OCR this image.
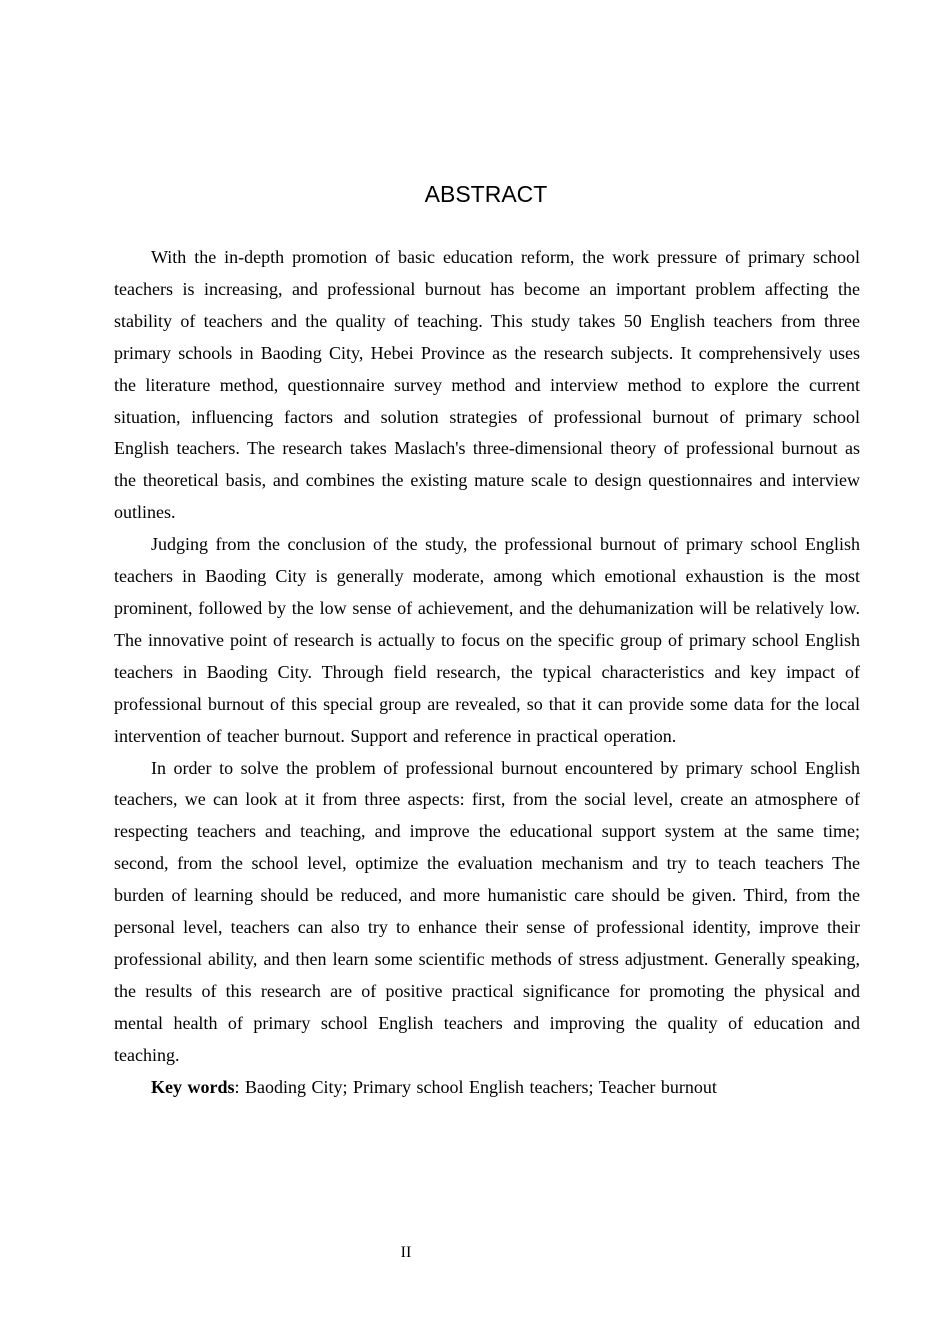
ABSTRACT

With the in-depth promotion of basic education reform, the work pressure of primary school teachers is increasing, and professional burnout has become an important problem affecting the stability of teachers and the quality of teaching. This study takes 50 English teachers from three primary schools in Baoding City, Hebei Province as the research subjects. It comprehensively uses the literature method, questionnaire survey method and interview method to explore the current situation, influencing factors and solution strategies of professional burnout of primary school English teachers. The research takes Maslach's three-dimensional theory of professional burnout as the theoretical basis, and combines the existing mature scale to design questionnaires and interview outlines.

Judging from the conclusion of the study, the professional burnout of primary school English teachers in Baoding City is generally moderate, among which emotional exhaustion is the most prominent, followed by the low sense of achievement, and the dehumanization will be relatively low. The innovative point of research is actually to focus on the specific group of primary school English teachers in Baoding City. Through field research, the typical characteristics and key impact of professional burnout of this special group are revealed, so that it can provide some data for the local intervention of teacher burnout. Support and reference in practical operation.

In order to solve the problem of professional burnout encountered by primary school English teachers, we can look at it from three aspects: first, from the social level, create an atmosphere of respecting teachers and teaching, and improve the educational support system at the same time; second, from the school level, optimize the evaluation mechanism and try to teach teachers The burden of learning should be reduced, and more humanistic care should be given. Third, from the personal level, teachers can also try to enhance their sense of professional identity, improve their professional ability, and then learn some scientific methods of stress adjustment. Generally speaking, the results of this research are of positive practical significance for promoting the physical and mental health of primary school English teachers and improving the quality of education and teaching.

Key words: Baoding City; Primary school English teachers; Teacher burnout

II
